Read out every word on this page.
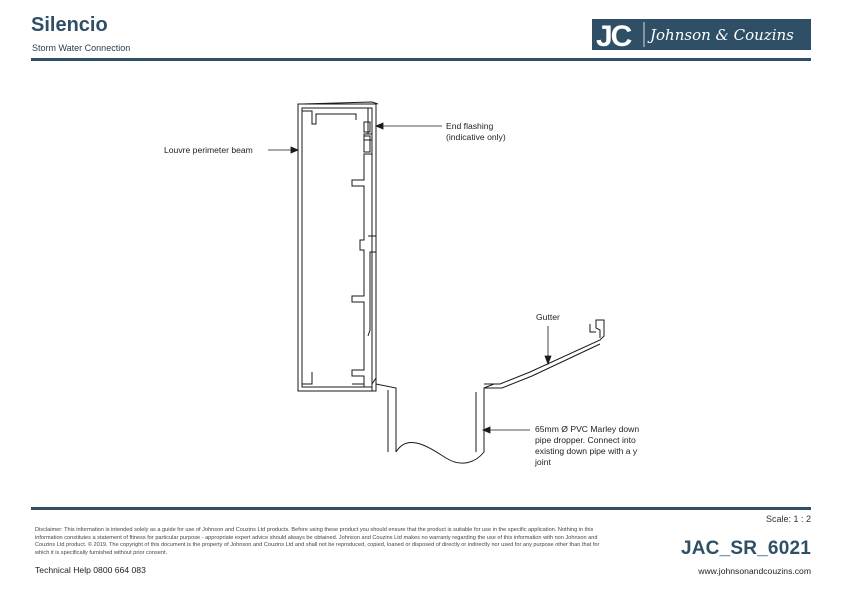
Silencio
Storm Water Connection	JC Johnson & Couzins
Louvre perimeter beam
End flashing
(indicative only)
Gutter
65mm Ø PVC Marley down
pipe dropper. Connect into
existing down pipe with a y
joint
Scale: 1 : 2
Disclaimer: This information is intended solely as a guide for use of Johnson and Couzins Ltd products. Before using these product you should ensure that the product is suitable for use in the specific application. Nothing in this information constitutes a statement of fitness for particular purpose - appropriate expert advice should always be obtained. Johnson and Couzins Ltd makes no warranty regarding the use of this information with non Johnson and Couzins Ltd product. © 2019. The copyright of this document is the property of Johnson and Couzins Ltd and shall not be reproduced, copied, loaned or disposed of directly or indirectly nor used for any purpose other than that for which it is specifically furnished without prior consent.
Technical Help 0800 664 083
JAC_SR_6021
www.johnsonandcouzins.com
